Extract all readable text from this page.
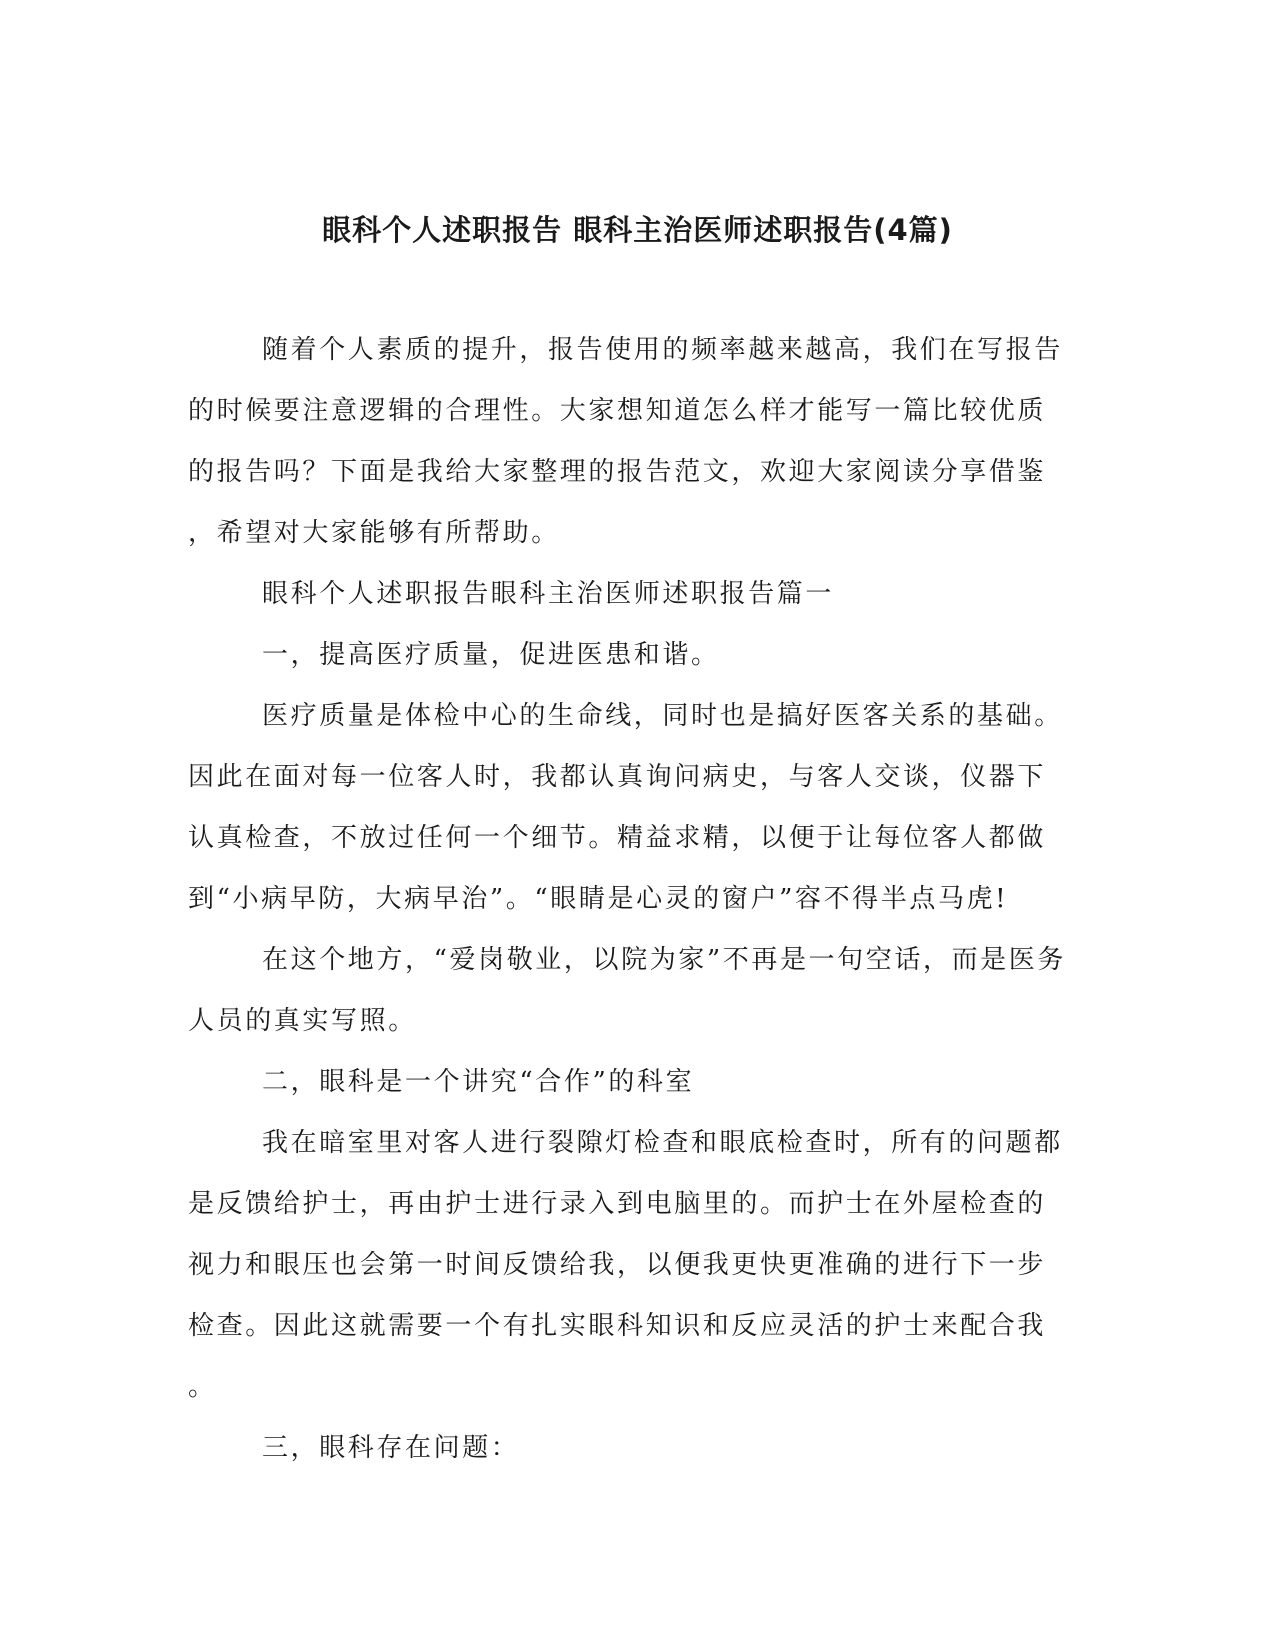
眼科个人述职报告 眼科主治医师述职报告(4篇)

随着个人素质的提升，报告使用的频率越来越高，我们在写报告

的时候要注意逻辑的合理性。大家想知道怎么样才能写一篇比较优质

的报告吗？下面是我给大家整理的报告范文，欢迎大家阅读分享借鉴

，希望对大家能够有所帮助。

眼科个人述职报告眼科主治医师述职报告篇一

一，提高医疗质量，促进医患和谐。

医疗质量是体检中心的生命线，同时也是搞好医客关系的基础。

因此在面对每一位客人时，我都认真询问病史，与客人交谈，仪器下

认真检查，不放过任何一个细节。精益求精，以便于让每位客人都做

到“小病早防，大病早治”。“眼睛是心灵的窗户”容不得半点马虎!

在这个地方，“爱岗敬业，以院为家”不再是一句空话，而是医务

人员的真实写照。

二，眼科是一个讲究“合作”的科室

我在暗室里对客人进行裂隙灯检查和眼底检查时，所有的问题都

是反馈给护士，再由护士进行录入到电脑里的。而护士在外屋检查的

视力和眼压也会第一时间反馈给我，以便我更快更准确的进行下一步

检查。因此这就需要一个有扎实眼科知识和反应灵活的护士来配合我

。

三，眼科存在问题：
